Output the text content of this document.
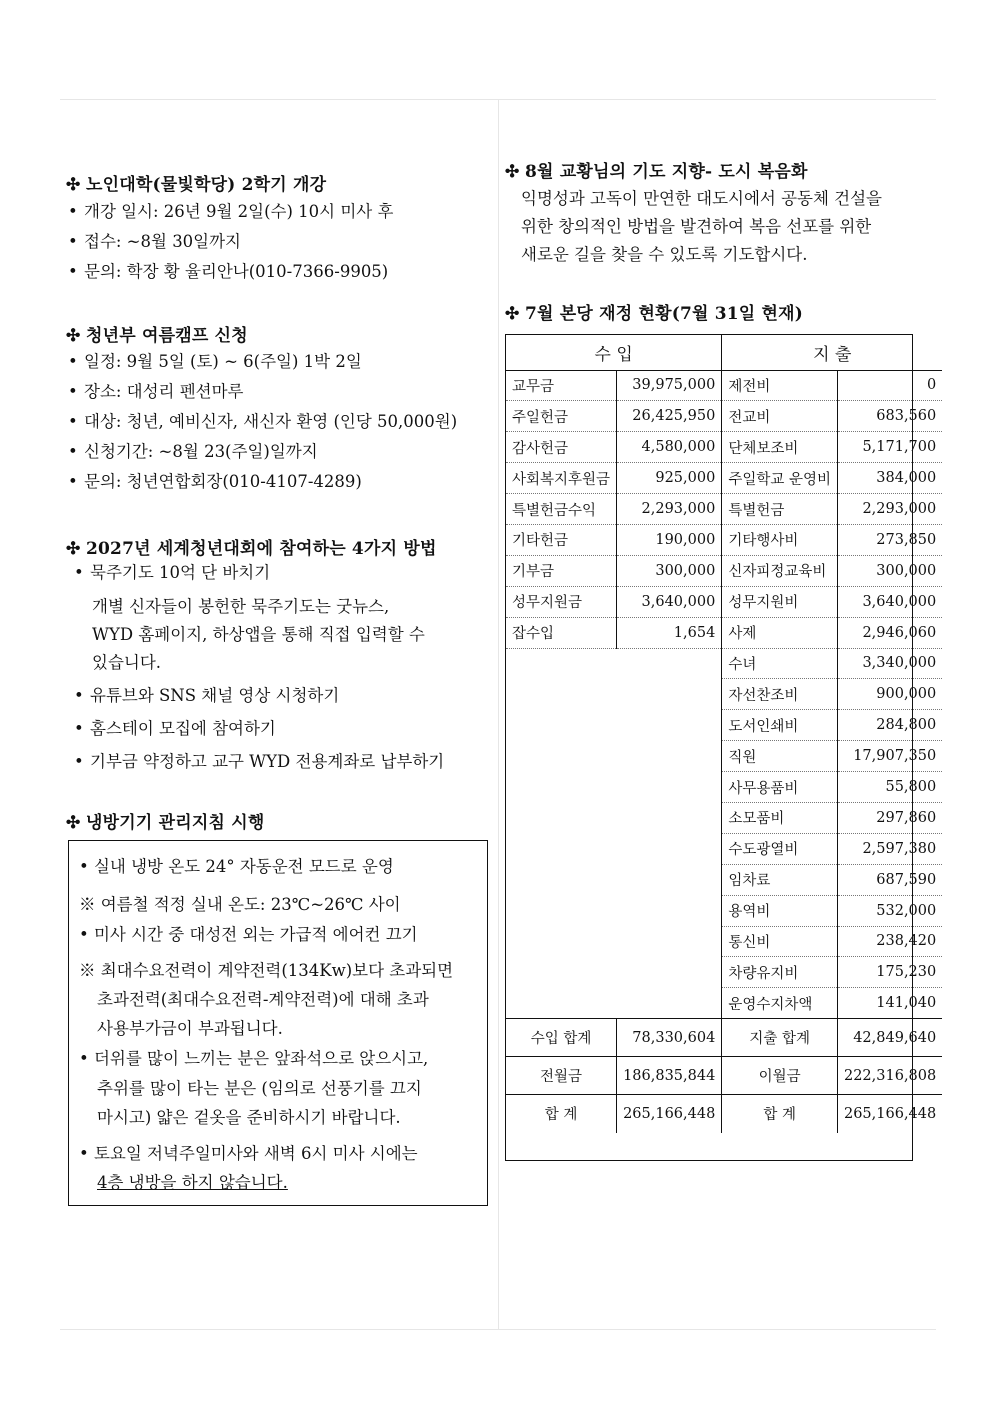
✣ 노인대학(물빛학당) 2학기 개강
• 개강 일시: 26년 9월 2일(수) 10시 미사 후
• 접수: ~8월 30일까지
• 문의: 학장 황 율리안나(010-7366-9905)
✣ 청년부 여름캠프 신청
• 일정: 9월 5일 (토) ~ 6(주일) 1박 2일
• 장소: 대성리 펜션마루
• 대상: 청년, 예비신자, 새신자 환영 (인당 50,000원)
• 신청기간: ~8월 23(주일)일까지
• 문의: 청년연합회장(010-4107-4289)
✣ 2027년 세계청년대회에 참여하는 4가지 방법
• 묵주기도 10억 단 바치기
개별 신자들이 봉헌한 묵주기도는 굿뉴스,
WYD 홈페이지, 하상앱을 통해 직접 입력할 수
있습니다.
• 유튜브와 SNS 채널 영상 시청하기
• 홈스테이 모집에 참여하기
• 기부금 약정하고 교구 WYD 전용계좌로 납부하기
✣ 냉방기기 관리지침 시행
• 실내 냉방 온도 24° 자동운전 모드로 운영
※ 여름철 적정 실내 온도: 23℃~26℃ 사이
• 미사 시간 중 대성전 외는 가급적 에어컨 끄기
※ 최대수요전력이 계약전력(134Kw)보다 초과되면
초과전력(최대수요전력-계약전력)에 대해 초과
사용부가금이 부과됩니다.
• 더위를 많이 느끼는 분은 앞좌석으로 앉으시고,
추위를 많이 타는 분은 (임의로 선풍기를 끄지
마시고) 얇은 겉옷을 준비하시기 바랍니다.
• 토요일 저녁주일미사와 새벽 6시 미사 시에는
4층 냉방을 하지 않습니다.
✣ 8월 교황님의 기도 지향- 도시 복음화
익명성과 고독이 만연한 대도시에서 공동체 건설을
위한 창의적인 방법을 발견하여 복음 선포를 위한
새로운 길을 찾을 수 있도록 기도합시다.
✣ 7월 본당 재정 현황(7월 31일 현재)
수 입		지 출	
교무금	39,975,000	제전비	0
주일헌금	26,425,950	전교비	683,560
감사헌금	4,580,000	단체보조비	5,171,700
사회복지후원금	925,000	주일학교 운영비	384,000
특별헌금수익	2,293,000	특별헌금	2,293,000
기타헌금	190,000	기타행사비	273,850
기부금	300,000	신자피정교육비	300,000
성무지원금	3,640,000	성무지원비	3,640,000
잡수입	1,654	사제	2,946,060
		수녀	3,340,000
		자선찬조비	900,000
		도서인쇄비	284,800
		직원	17,907,350
		사무용품비	55,800
		소모품비	297,860
		수도광열비	2,597,380
		임차료	687,590
		용역비	532,000
		통신비	238,420
		차량유지비	175,230
		운영수지차액	141,040
수입 합계	78,330,604	지출 합계	42,849,640
전월금	186,835,844	이월금	222,316,808
합 계	265,166,448	합 계	265,166,448
